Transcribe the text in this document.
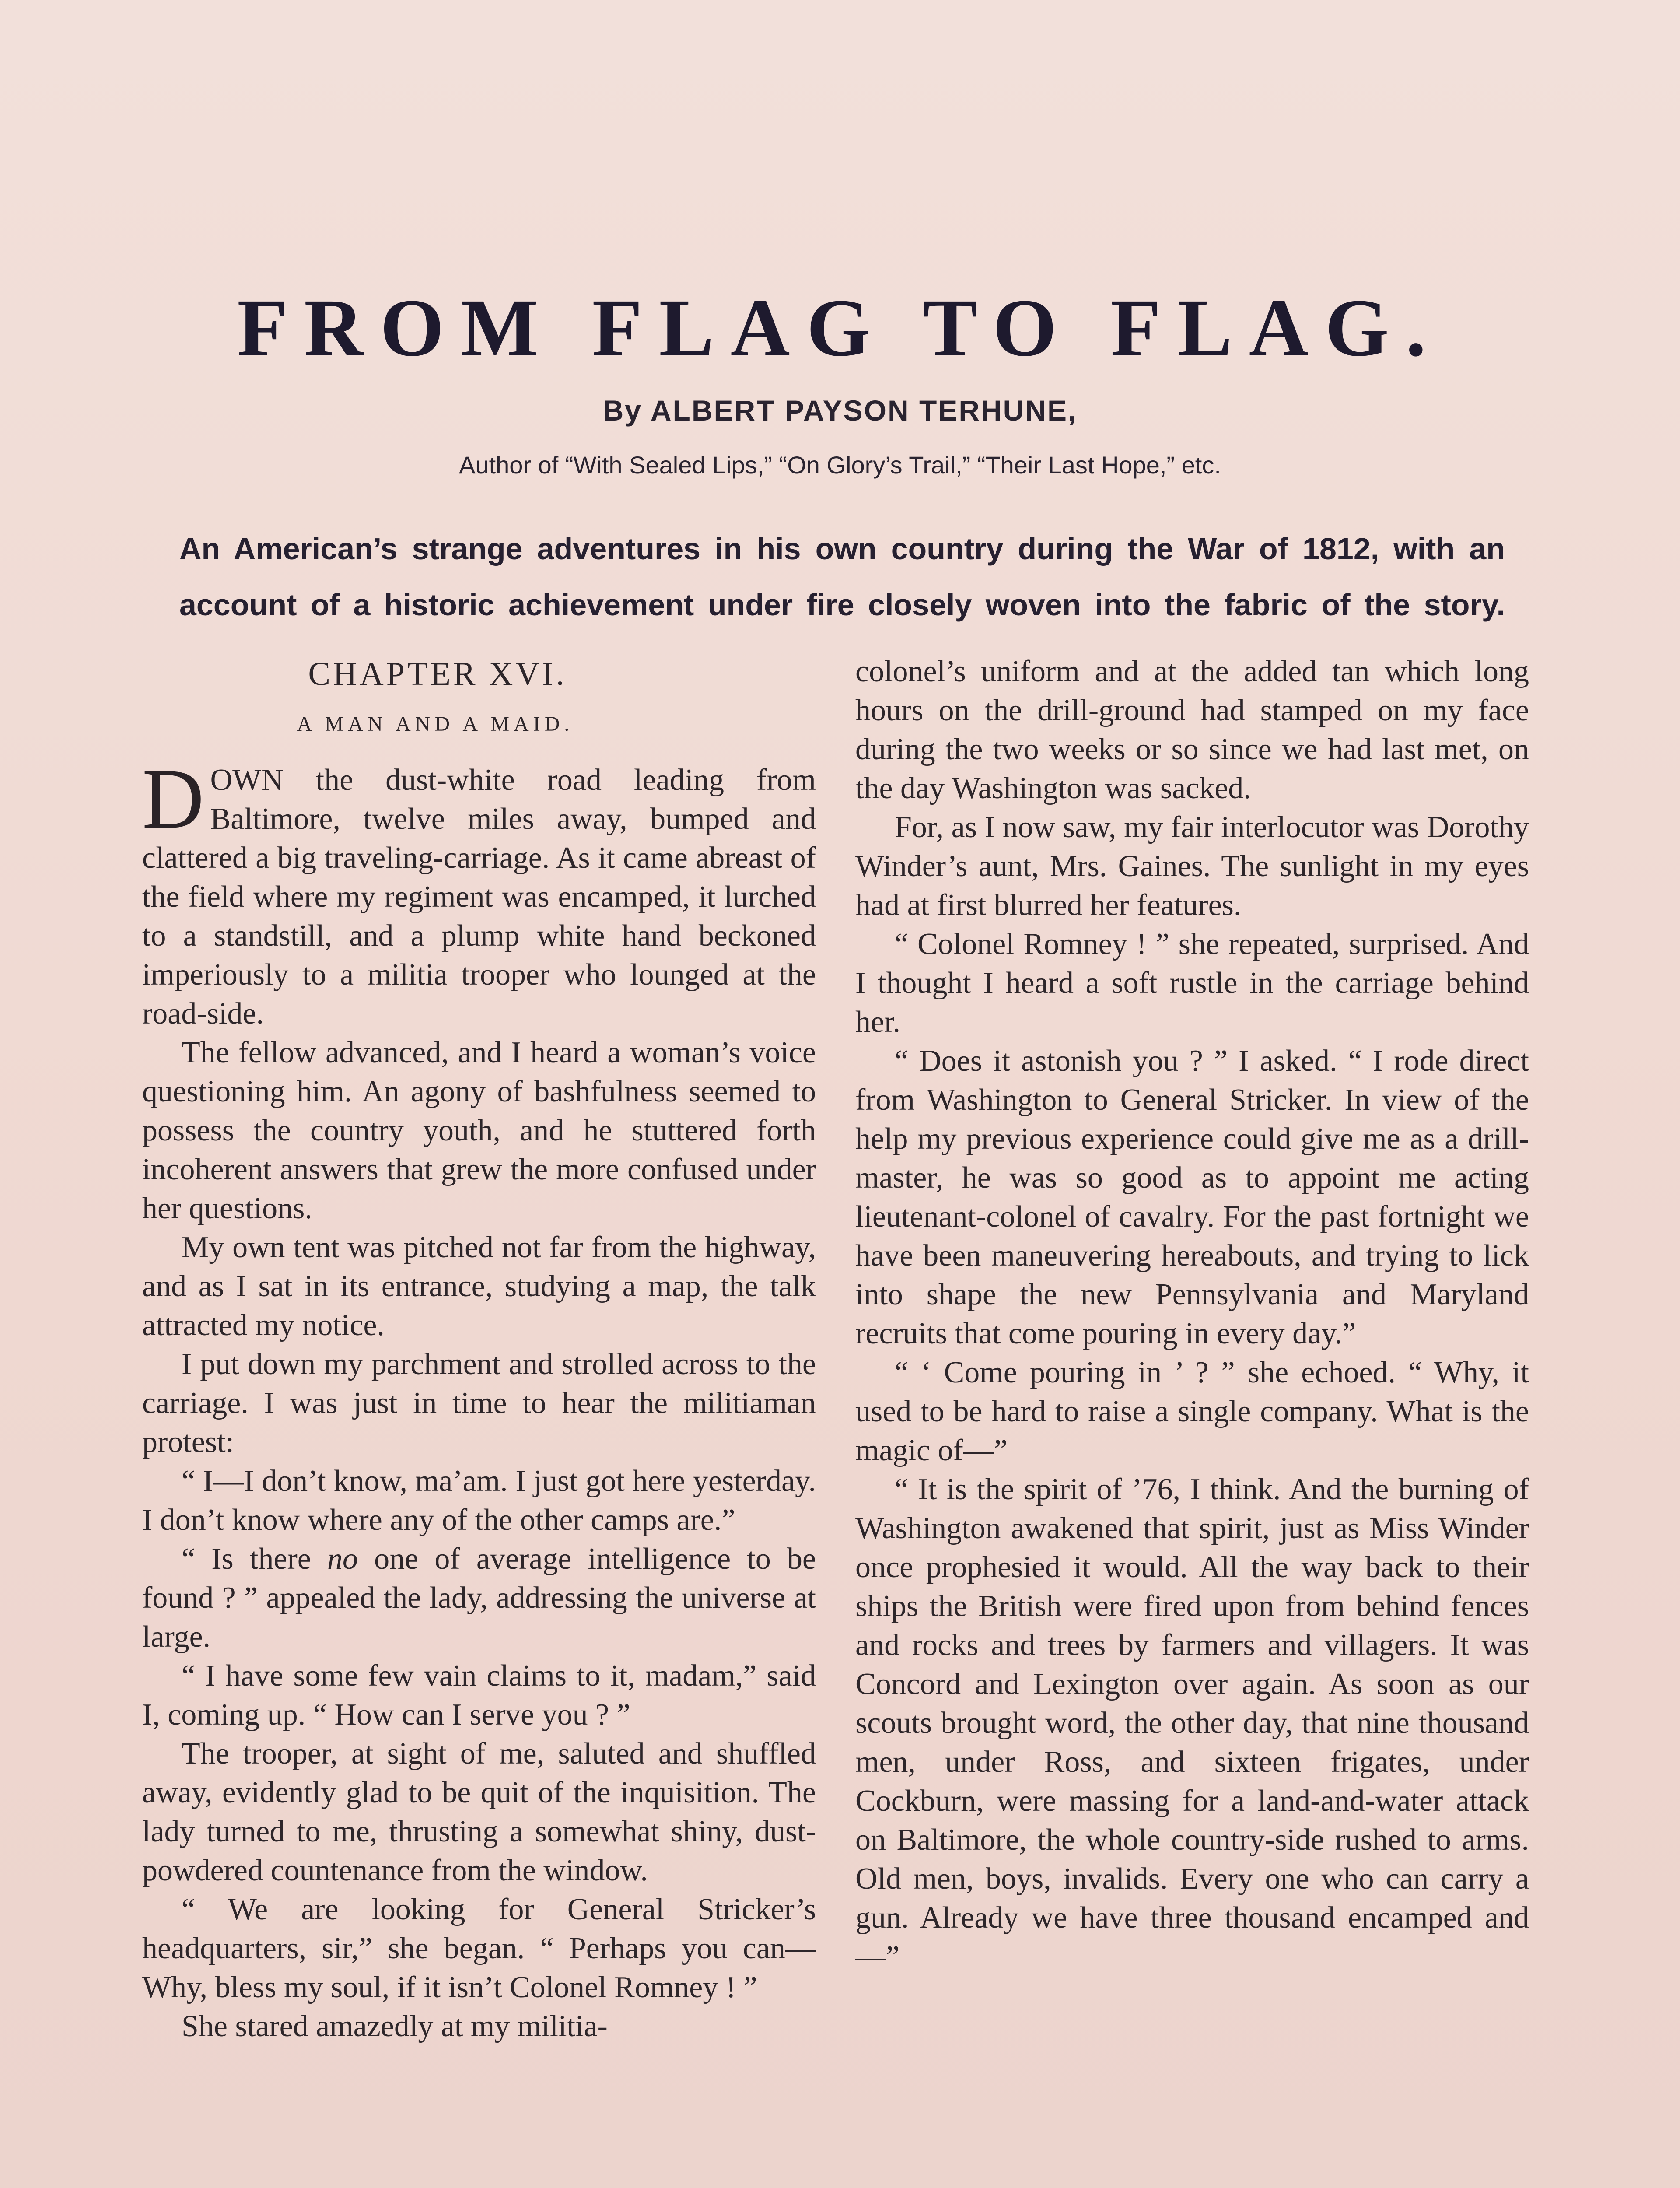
FROM FLAG TO FLAG.
By ALBERT PAYSON TERHUNE,
Author of “With Sealed Lips,” “On Glory’s Trail,” “Their Last Hope,” etc.
An American’s strange adventures in his own country during the War of 1812, with an account of a historic achievement under fire closely woven into the fabric of the story.
CHAPTER XVI.
A MAN AND A MAID.

DOWN the dust-white road leading from Baltimore, twelve miles away, bumped and clattered a big traveling-carriage. As it came abreast of the field where my regiment was encamped, it lurched to a standstill, and a plump white hand beckoned imperiously to a militia trooper who lounged at the road-side.

The fellow advanced, and I heard a woman’s voice questioning him. An agony of bashfulness seemed to possess the country youth, and he stuttered forth incoherent answers that grew the more confused under her questions.

My own tent was pitched not far from the highway, and as I sat in its entrance, studying a map, the talk attracted my notice.

I put down my parchment and strolled across to the carriage. I was just in time to hear the militiaman protest:

“ I—I don’t know, ma’am. I just got here yesterday. I don’t know where any of the other camps are.”

“ Is there no one of average intelligence to be found ? ” appealed the lady, addressing the universe at large.

“ I have some few vain claims to it, madam,” said I, coming up. “ How can I serve you ? ”

The trooper, at sight of me, saluted and shuffled away, evidently glad to be quit of the inquisition. The lady turned to me, thrusting a somewhat shiny, dust-powdered countenance from the window.

“ We are looking for General Stricker’s headquarters, sir,” she began. “ Perhaps you can— Why, bless my soul, if it isn’t Colonel Romney ! ”

She stared amazedly at my militia-

colonel’s uniform and at the added tan which long hours on the drill-ground had stamped on my face during the two weeks or so since we had last met, on the day Washington was sacked.

For, as I now saw, my fair interlocutor was Dorothy Winder’s aunt, Mrs. Gaines. The sunlight in my eyes had at first blurred her features.

“ Colonel Romney ! ” she repeated, surprised. And I thought I heard a soft rustle in the carriage behind her.

“ Does it astonish you ? ” I asked. “ I rode direct from Washington to General Stricker. In view of the help my previous experience could give me as a drill-master, he was so good as to appoint me acting lieutenant-colonel of cavalry. For the past fortnight we have been maneuvering hereabouts, and trying to lick into shape the new Pennsylvania and Maryland recruits that come pouring in every day.”

“ ‘ Come pouring in ’ ? ” she echoed. “ Why, it used to be hard to raise a single company. What is the magic of—”

“ It is the spirit of ’76, I think. And the burning of Washington awakened that spirit, just as Miss Winder once prophesied it would. All the way back to their ships the British were fired upon from behind fences and rocks and trees by farmers and villagers. It was Concord and Lexington over again. As soon as our scouts brought word, the other day, that nine thousand men, under Ross, and sixteen frigates, under Cockburn, were massing for a land-and-water attack on Baltimore, the whole country-side rushed to arms. Old men, boys, invalids. Every one who can carry a gun. Already we have three thousand encamped and—”
